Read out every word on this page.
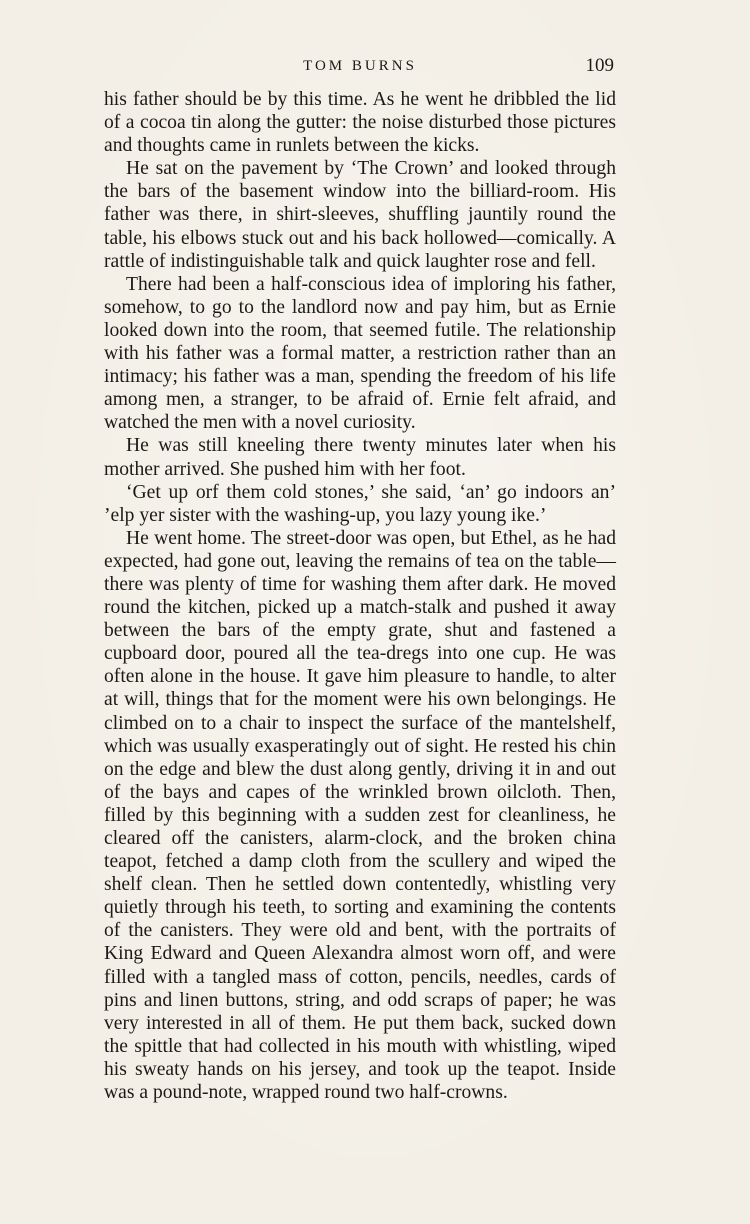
TOM BURNS	109

his father should be by this time. As he went he dribbled the lid of a cocoa tin along the gutter: the noise disturbed those pictures and thoughts came in runlets between the kicks.

He sat on the pavement by ‘The Crown’ and looked through the bars of the basement window into the billiard-room. His father was there, in shirt-sleeves, shuffling jauntily round the table, his elbows stuck out and his back hollowed—comically. A rattle of indistinguishable talk and quick laughter rose and fell.

There had been a half-conscious idea of imploring his father, somehow, to go to the landlord now and pay him, but as Ernie looked down into the room, that seemed futile. The relationship with his father was a formal matter, a restriction rather than an intimacy; his father was a man, spending the freedom of his life among men, a stranger, to be afraid of. Ernie felt afraid, and watched the men with a novel curiosity.

He was still kneeling there twenty minutes later when his mother arrived. She pushed him with her foot.

‘Get up orf them cold stones,’ she said, ‘an’ go indoors an’ ’elp yer sister with the washing-up, you lazy young ike.’

He went home. The street-door was open, but Ethel, as he had expected, had gone out, leaving the remains of tea on the table—there was plenty of time for washing them after dark. He moved round the kitchen, picked up a match-stalk and pushed it away between the bars of the empty grate, shut and fastened a cupboard door, poured all the tea-dregs into one cup. He was often alone in the house. It gave him pleasure to handle, to alter at will, things that for the moment were his own belongings. He climbed on to a chair to inspect the surface of the mantelshelf, which was usually exasperatingly out of sight. He rested his chin on the edge and blew the dust along gently, driving it in and out of the bays and capes of the wrinkled brown oilcloth. Then, filled by this beginning with a sudden zest for cleanliness, he cleared off the canisters, alarm-clock, and the broken china teapot, fetched a damp cloth from the scullery and wiped the shelf clean. Then he settled down contentedly, whistling very quietly through his teeth, to sorting and examining the contents of the canisters. They were old and bent, with the portraits of King Edward and Queen Alexandra almost worn off, and were filled with a tangled mass of cotton, pencils, needles, cards of pins and linen buttons, string, and odd scraps of paper; he was very interested in all of them. He put them back, sucked down the spittle that had collected in his mouth with whistling, wiped his sweaty hands on his jersey, and took up the teapot. Inside was a pound-note, wrapped round two half-crowns.
